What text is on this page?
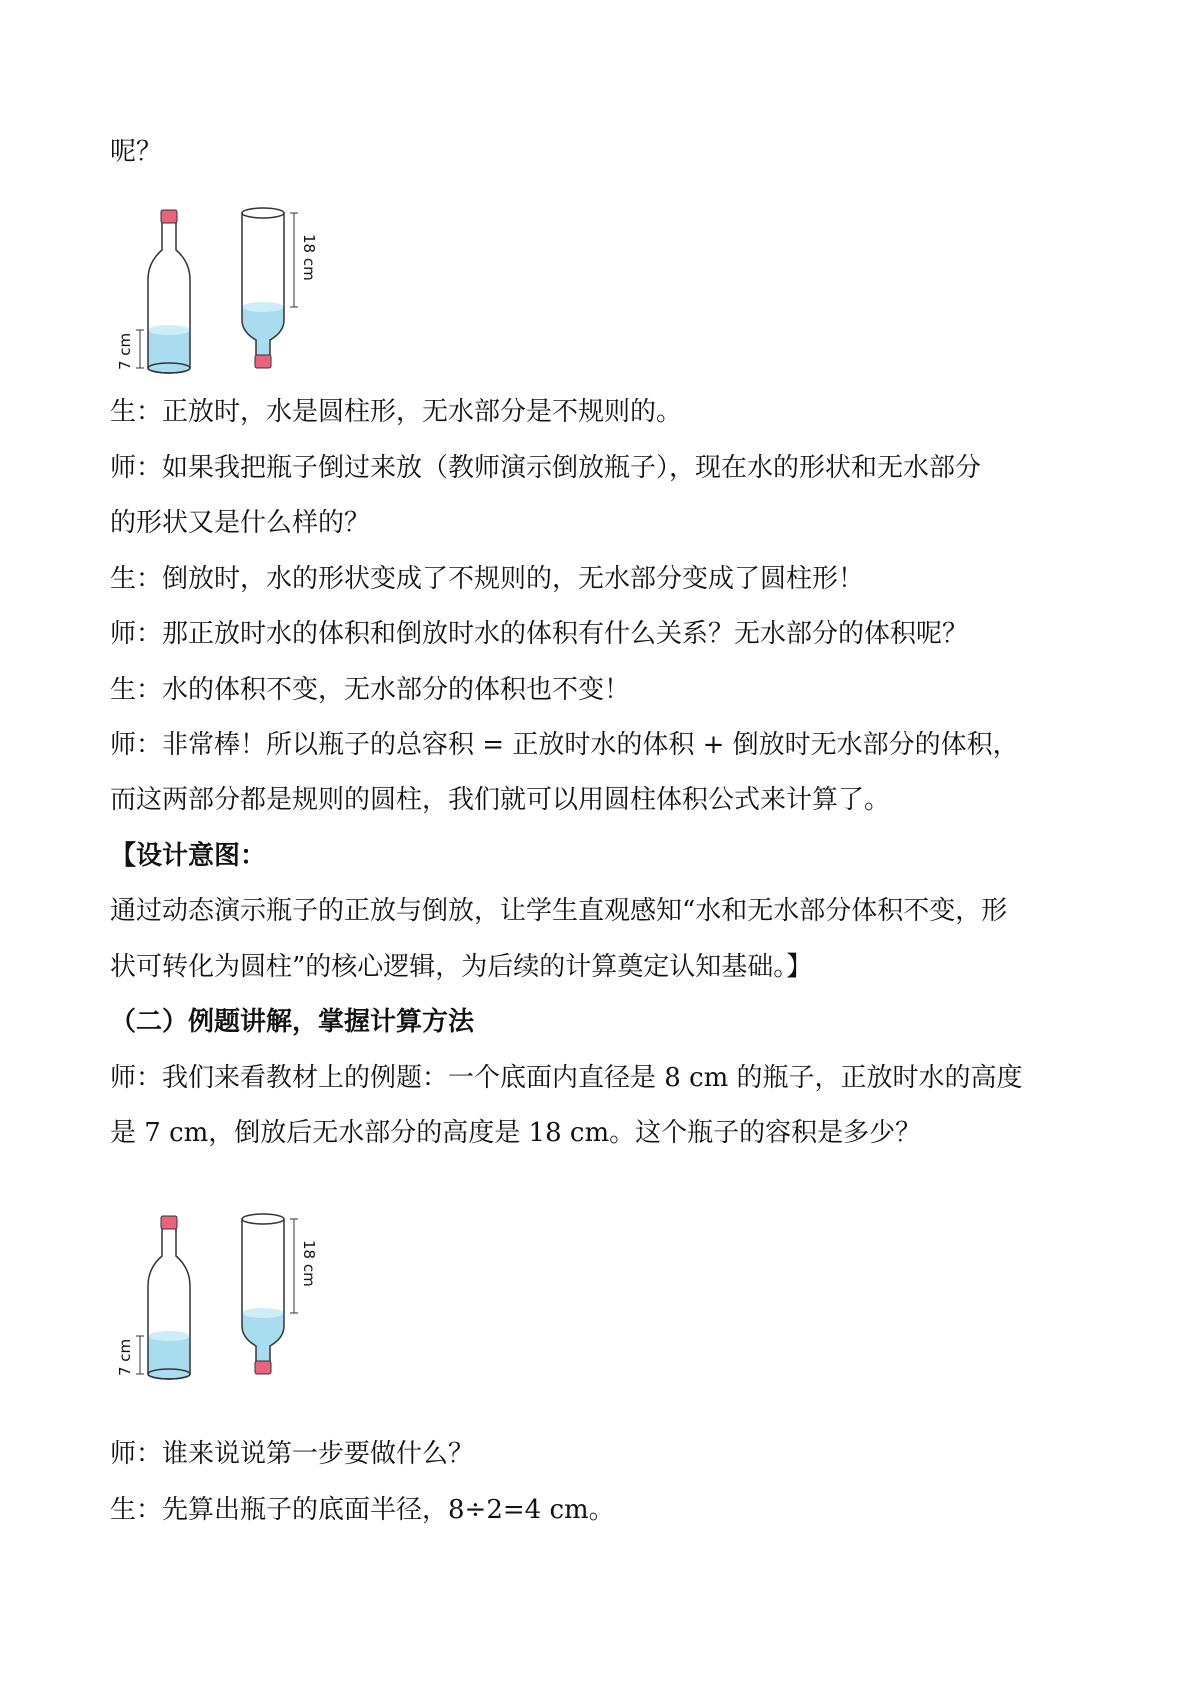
呢？
7 cm
18 cm
生：正放时，水是圆柱形，无水部分是不规则的。
师：如果我把瓶子倒过来放（教师演示倒放瓶子），现在水的形状和无水部分
的形状又是什么样的？
生：倒放时，水的形状变成了不规则的，无水部分变成了圆柱形！
师：那正放时水的体积和倒放时水的体积有什么关系？无水部分的体积呢？
生：水的体积不变，无水部分的体积也不变！
师：非常棒！所以瓶子的总容积 = 正放时水的体积 + 倒放时无水部分的体积，
而这两部分都是规则的圆柱，我们就可以用圆柱体积公式来计算了。
【设计意图：
通过动态演示瓶子的正放与倒放，让学生直观感知“水和无水部分体积不变，形
状可转化为圆柱”的核心逻辑，为后续的计算奠定认知基础。】
（二）例题讲解，掌握计算方法
师：我们来看教材上的例题：一个底面内直径是 8 cm 的瓶子，正放时水的高度
是 7 cm，倒放后无水部分的高度是 18 cm。这个瓶子的容积是多少？
7 cm
18 cm
师：谁来说说第一步要做什么？
生：先算出瓶子的底面半径，8÷2=4 cm。
